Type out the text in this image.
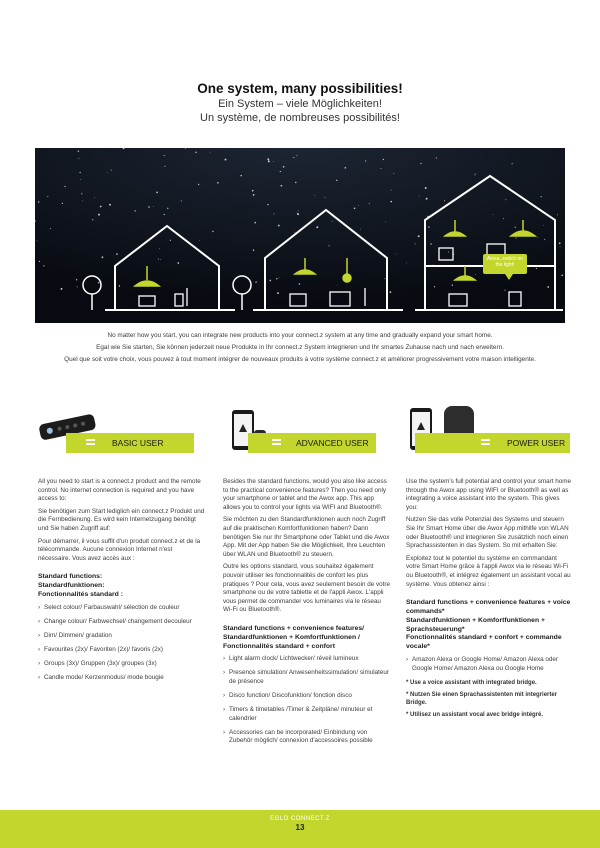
One system, many possibilities!
Ein System – viele Möglichkeiten!
Un système, de nombreuses possibilités!
Alexa, switch on the light!
No matter how you start, you can integrate new products into your connect.z system at any time and gradually expand your smart home.
Egal wie Sie starten, Sie können jederzeit neue Produkte in Ihr connect.z System integrieren und Ihr smartes Zuhause nach und nach erweitern.
Quel que soit votre choix, vous pouvez à tout moment intégrer de nouveaux produits à votre système connect.z et améliorer progressivement votre maison intelligente.
BASIC USER	ADVANCED USER	POWER USER

All you need to start is a connect.z product and the remote control. No internet connection is required and you have access to:

Sie benötigen zum Start lediglich ein connect.z Produkt und die Fernbedienung. Es wird kein Internetzugang benötigt und Sie haben Zugriff auf:

Pour démarrer, il vous suffit d'un produit connect.z et de la télécommande. Aucune connexion Internet n'est nécessaire. Vous avez accès aux :

Standard functions:
Standardfunktionen:
Fonctionnalités standard :
› Select colour/ Farbauswahl/ sélection de couleur
› Change colour/ Farbwechsel/ changement decouleur
› Dim/ Dimmen/ gradation
› Favourites (2x)/ Favoriten (2x)/ favoris (2x)
› Groups (3x)/ Gruppen (3x)/ groupes (3x)
› Candle mode/ Kerzenmodus/ mode bougie

Besides the standard functions, would you also like access to the practical convenience features? Then you need only your smartphone or tablet and the Awox app. This app allows you to control your lights via WIFI and Bluetooth®.

Sie möchten zu den Standardfunktionen auch noch Zugriff auf die praktischen Komfortfunktionen haben? Dann benötigen Sie nur Ihr Smartphone oder Tablet und die Awox App. Mit der App haben Sie die Möglichkeit, Ihre Leuchten über WLAN und Bluetooth® zu steuern.

Outre les options standard, vous souhaitez également pouvoir utiliser les fonctionnalités de confort les plus pratiques ? Pour cela, vous avez seulement besoin de votre smartphone ou de votre tablette et de l'appli Awox. L'appli vous permet de commander vos luminaires via le réseau Wi-Fi ou Bluetooth®.

Standard functions + convenience features/
Standardfunktionen + Komfortfunktionen /
Fonctionnalités standard + confort
› Light alarm clock/ Lichtwecker/ réveil lumineux
› Presence simulation/ Anwesenheitssimulation/ simulateur de présence
› Disco function/ Discofunktion/ fonction disco
› Timers & timetables /Timer & Zeitpläne/ minuteur et calendrier
› Accessories can be incorporated/ Einbindung von Zubehör möglich/ connexion d'accessoires possible

Use the system's full potential and control your smart home through the Awox app using WIFI or Bluetooth® as well as integrating a voice assistant into the system. This gives you:

Nutzen Sie das volle Potenzial des Systems und steuern Sie Ihr Smart Home über die Awox App mithilfe von WLAN oder Bluetooth® und integrieren Sie zusätzlich noch einen Sprachassistenten in das System. So mit erhalten Sie:

Exploitez tout le potentiel du système en commandant votre Smart Home grâce à l'appli Awox via le réseau Wi-Fi ou Bluetooth®, et intégrez également un assistant vocal au système. Vous obtenez ainsi :

Standard functions + convenience features + voice commands*
Standardfunktionen + Komfortfunktionen + Sprachsteuerung*
Fonctionnalités standard + confort + commande vocale*
› Amazon Alexa or Google Home/ Amazon Alexa oder Google Home/ Amazon Alexa ou Google Home

* Use a voice assistant with integrated bridge.

* Nutzen Sie einen Sprachassistenten mit integrierter Bridge.

* Utilisez un assistant vocal avec bridge intégré.

EGLO CONNECT.Z
13
